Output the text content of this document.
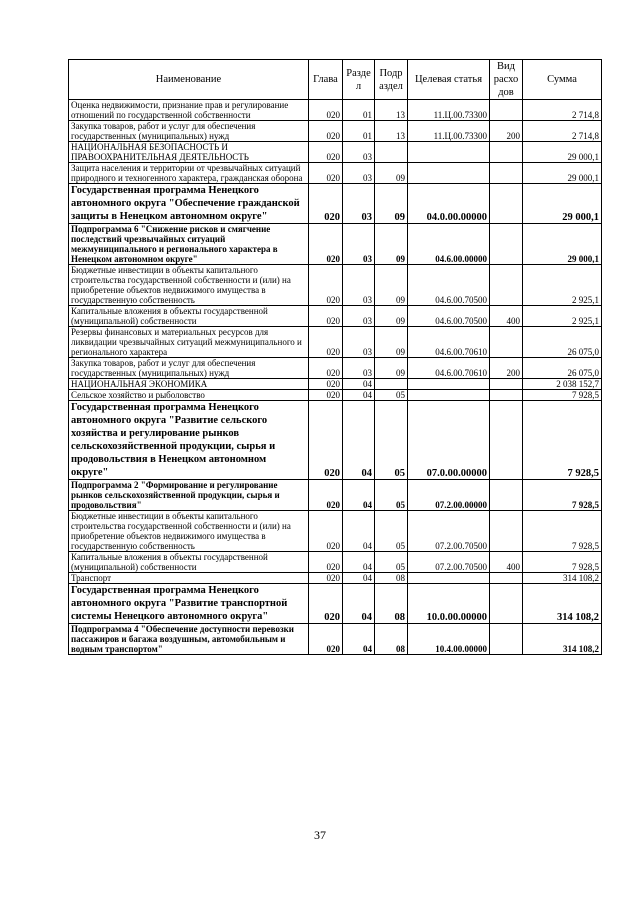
Наименование	Глава	Разде л	Подр аздел	Целевая статья	Вид расхо дов	Сумма
Оценка недвижимости, признание прав и регулирование отношений по государственной собственности	020	01	13	11.Ц.00.73300		2 714,8
Закупка товаров, работ и услуг для обеспечения государственных (муниципальных) нужд	020	01	13	11.Ц.00.73300	200	2 714,8
НАЦИОНАЛЬНАЯ БЕЗОПАСНОСТЬ И ПРАВООХРАНИТЕЛЬНАЯ ДЕЯТЕЛЬНОСТЬ	020	03				29 000,1
Защита населения и территории от чрезвычайных ситуаций природного и техногенного характера, гражданская оборона	020	03	09			29 000,1
Государственная программа Ненецкого автономного округа "Обеспечение гражданской защиты в Ненецком автономном округе"	020	03	09	04.0.00.00000		29 000,1
Подпрограмма 6 "Снижение рисков и смягчение последствий чрезвычайных ситуаций межмуниципального и регионального характера в Ненецком автономном округе"	020	03	09	04.6.00.00000		29 000,1
Бюджетные инвестиции в объекты капитального строительства государственной собственности и (или) на приобретение объектов недвижимого имущества в государственную собственность	020	03	09	04.6.00.70500		2 925,1
Капитальные вложения в объекты государственной (муниципальной) собственности	020	03	09	04.6.00.70500	400	2 925,1
Резервы финансовых и материальных ресурсов для ликвидации чрезвычайных ситуаций межмуниципального и регионального характера	020	03	09	04.6.00.70610		26 075,0
Закупка товаров, работ и услуг для обеспечения государственных (муниципальных) нужд	020	03	09	04.6.00.70610	200	26 075,0
НАЦИОНАЛЬНАЯ ЭКОНОМИКА	020	04				2 038 152,7
Сельское хозяйство и рыболовство	020	04	05			7 928,5
Государственная программа Ненецкого автономного округа "Развитие сельского хозяйства и регулирование рынков сельскохозяйственной продукции, сырья и продовольствия в Ненецком автономном округе"	020	04	05	07.0.00.00000		7 928,5
Подпрограмма 2 "Формирование и регулирование рынков сельскохозяйственной продукции, сырья и продовольствия"	020	04	05	07.2.00.00000		7 928,5
Бюджетные инвестиции в объекты капитального строительства государственной собственности и (или) на приобретение объектов недвижимого имущества в государственную собственность	020	04	05	07.2.00.70500		7 928,5
Капитальные вложения в объекты государственной (муниципальной) собственности	020	04	05	07.2.00.70500	400	7 928,5
Транспорт	020	04	08			314 108,2
Государственная программа Ненецкого автономного округа "Развитие транспортной системы Ненецкого автономного округа"	020	04	08	10.0.00.00000		314 108,2
Подпрограмма 4 "Обеспечение доступности перевозки пассажиров и багажа воздушным, автомобильным и водным транспортом"	020	04	08	10.4.00.00000		314 108,2
37
